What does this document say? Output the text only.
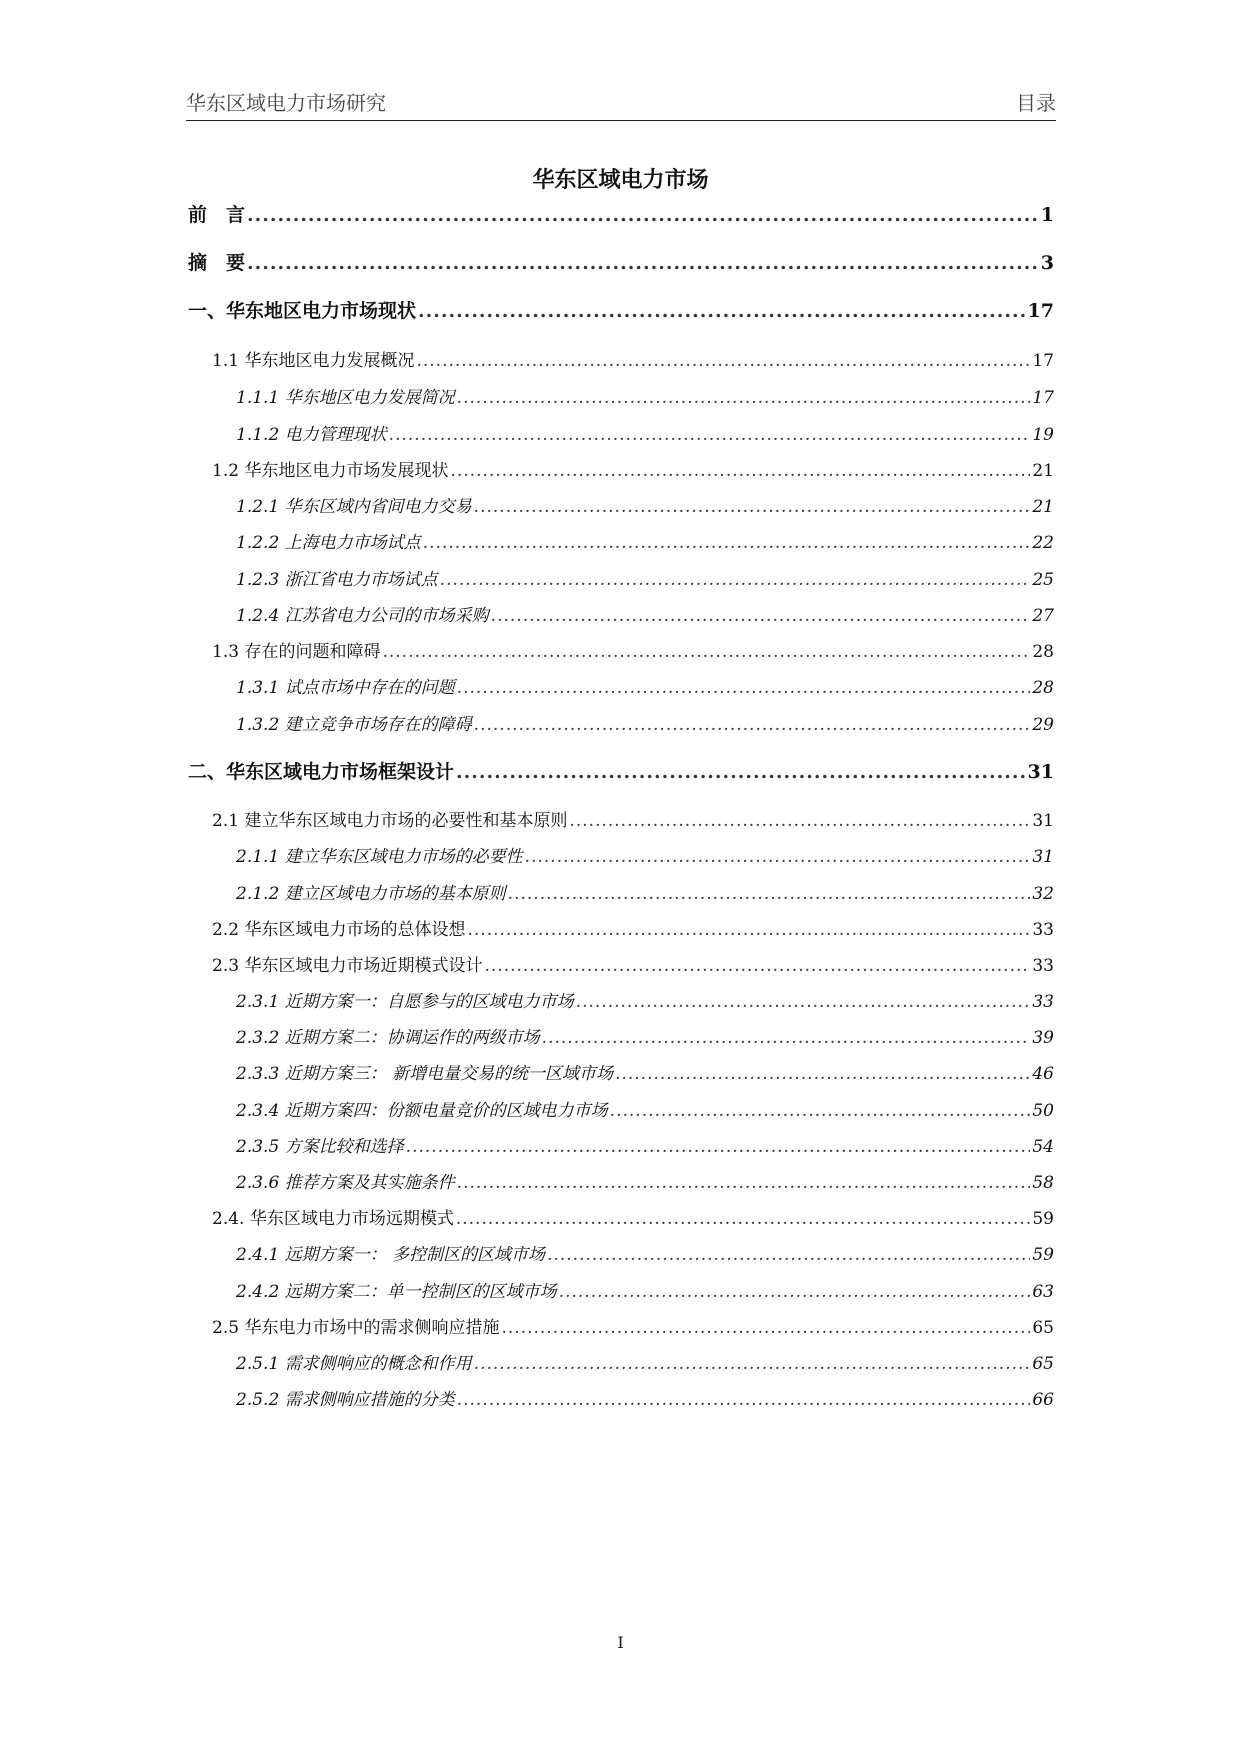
华东区域电力市场研究	目录
华东区域电力市场
前　言 .....	1
摘　要 .....	3
一、华东地区电力市场现状 .....	17
1.1 华东地区电力发展概况 .....	17
1.1.1 华东地区电力发展简况 .....	17
1.1.2 电力管理现状 .....	19
1.2 华东地区电力市场发展现状 .....	21
1.2.1 华东区域内省间电力交易 .....	21
1.2.2 上海电力市场试点 .....	22
1.2.3 浙江省电力市场试点 .....	25
1.2.4 江苏省电力公司的市场采购 .....	27
1.3 存在的问题和障碍 .....	28
1.3.1 试点市场中存在的问题 .....	28
1.3.2 建立竞争市场存在的障碍 .....	29
二、华东区域电力市场框架设计 .....	31
2.1 建立华东区域电力市场的必要性和基本原则 .....	31
2.1.1 建立华东区域电力市场的必要性 .....	31
2.1.2 建立区域电力市场的基本原则 .....	32
2.2 华东区域电力市场的总体设想 .....	33
2.3 华东区域电力市场近期模式设计 .....	33
2.3.1 近期方案一：自愿参与的区域电力市场 .....	33
2.3.2 近期方案二：协调运作的两级市场 .....	39
2.3.3 近期方案三： 新增电量交易的统一区域市场 .....	46
2.3.4 近期方案四：份额电量竞价的区域电力市场 .....	50
2.3.5 方案比较和选择 .....	54
2.3.6 推荐方案及其实施条件 .....	58
2.4. 华东区域电力市场远期模式 .....	59
2.4.1 远期方案一： 多控制区的区域市场 .....	59
2.4.2 远期方案二：单一控制区的区域市场 .....	63
2.5 华东电力市场中的需求侧响应措施 .....	65
2.5.1 需求侧响应的概念和作用 .....	65
2.5.2 需求侧响应措施的分类 .....	66
I
